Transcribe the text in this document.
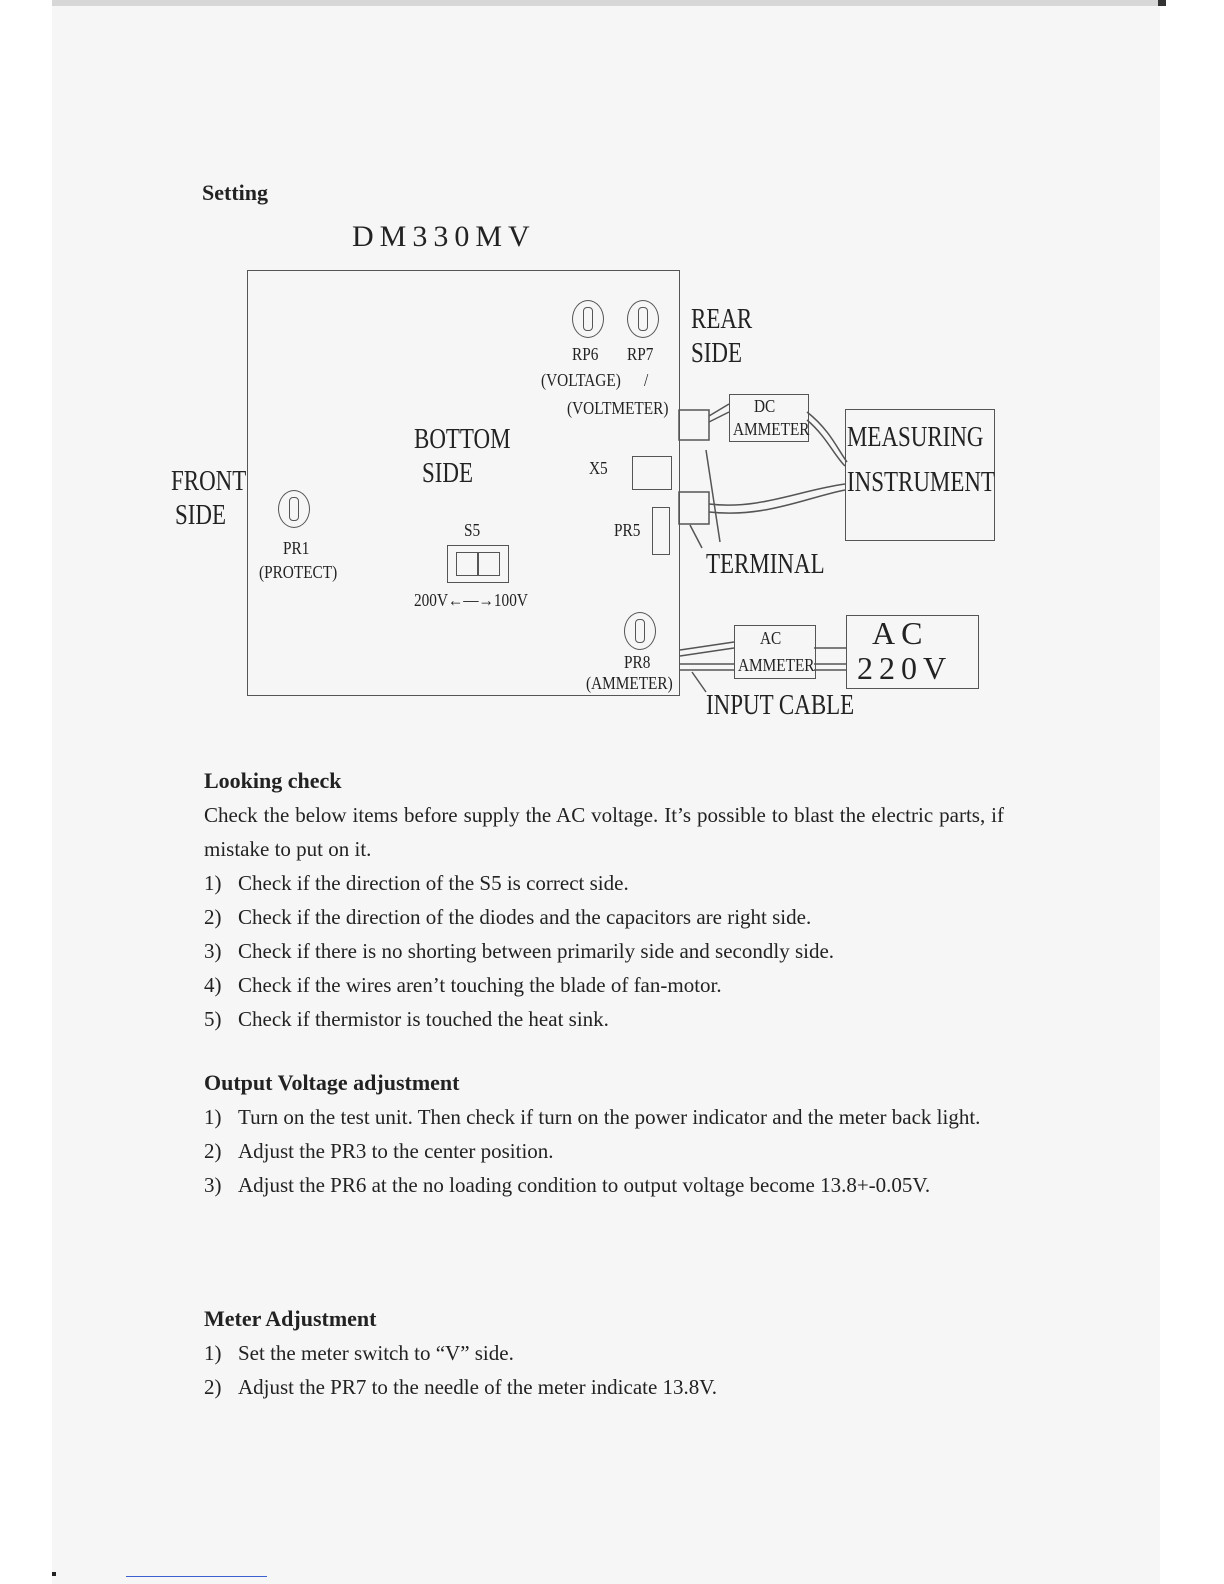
Setting
DM330MV
RP6 RP7
(VOLTAGE) /
(VOLTMETER)
REAR
SIDE
BOTTOM
SIDE
FRONT
SIDE
X5
PR5
S5
200V←—→100V
PR1
(PROTECT)
PR8
(AMMETER)
DC
AMMETER MEASURING
INSTRUMENT
TERMINAL
AC
AMMETER
AC
220V
INPUT CABLE
Looking check

Check the below items before supply the AC voltage. It’s possible to blast the electric parts, if mistake to put on it.

1) Check if the direction of the S5 is correct side.
2) Check if the direction of the diodes and the capacitors are right side.
3) Check if there is no shorting between primarily side and secondly side.
4) Check if the wires aren’t touching the blade of fan-motor.
5) Check if thermistor is touched the heat sink.
Output Voltage adjustment
1) Turn on the test unit. Then check if turn on the power indicator and the meter back light.
2) Adjust the PR3 to the center position.
3) Adjust the PR6 at the no loading condition to output voltage become 13.8+-0.05V.
Meter Adjustment
1) Set the meter switch to “V” side.
2) Adjust the PR7 to the needle of the meter indicate 13.8V.
